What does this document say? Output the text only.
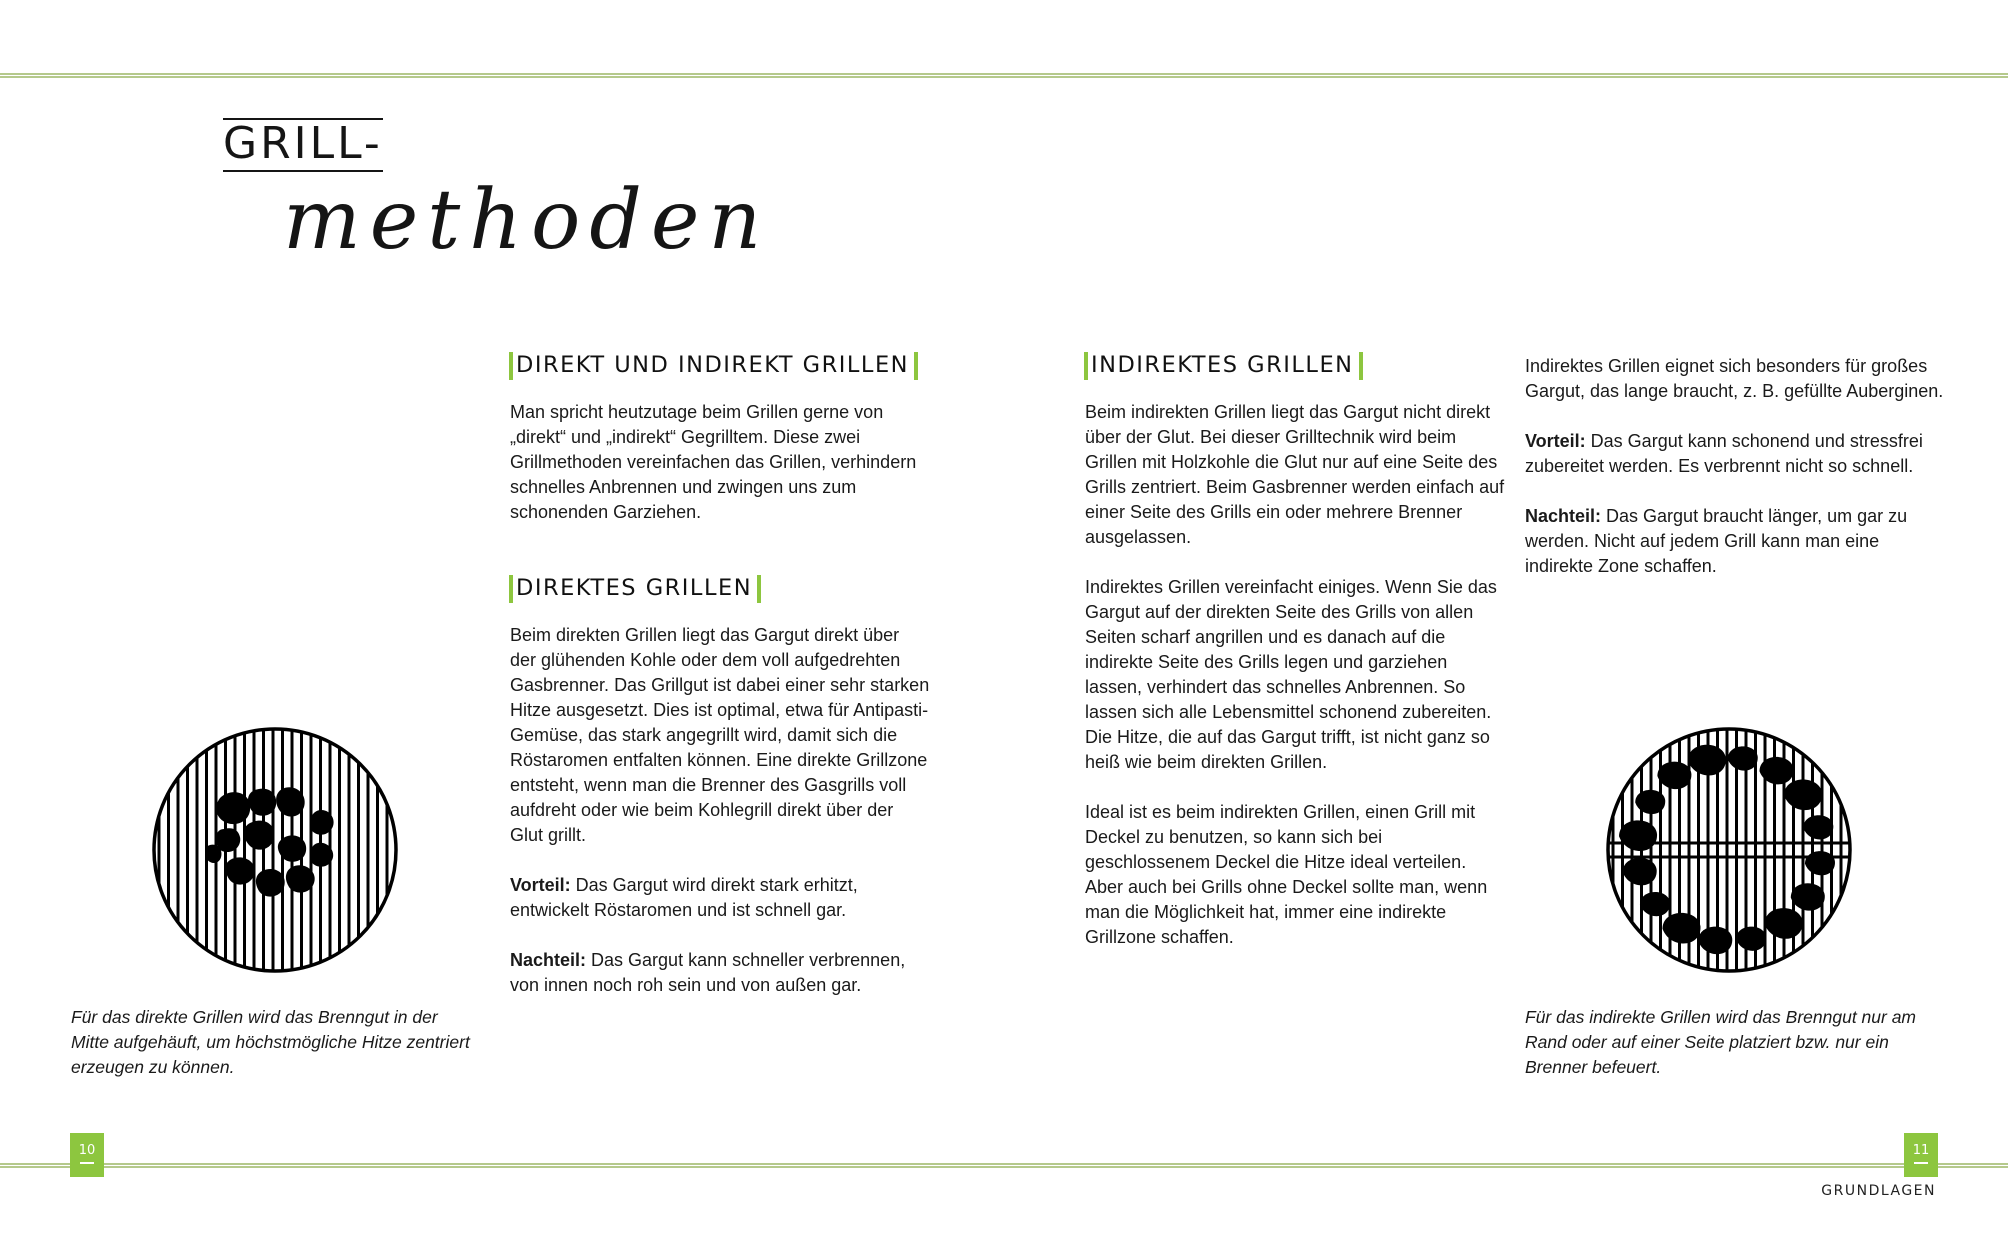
GRILL-
methoden
DIREKT UND INDIREKT GRILLEN

Man spricht heutzutage beim Grillen gerne von „direkt“ und „indirekt“ Gegrilltem. Diese zwei Grillmethoden vereinfachen das Grillen, verhindern schnelles Anbrennen und zwingen uns zum schonenden Garziehen.

DIREKTES GRILLEN

Beim direkten Grillen liegt das Gargut direkt über der glühenden Kohle oder dem voll aufgedrehten Gasbrenner. Das Grillgut ist dabei einer sehr starken Hitze ausgesetzt. Dies ist optimal, etwa für Antipasti-Gemüse, das stark angegrillt wird, damit sich die Röstaromen entfalten können. Eine direkte Grillzone entsteht, wenn man die Brenner des Gasgrills voll aufdreht oder wie beim Kohlegrill direkt über der Glut grillt.

Vorteil: Das Gargut wird direkt stark erhitzt, entwickelt Röstaromen und ist schnell gar.

Nachteil: Das Gargut kann schneller verbrennen, von innen noch roh sein und von außen gar.

INDIREKTES GRILLEN

Beim indirekten Grillen liegt das Gargut nicht direkt über der Glut. Bei dieser Grilltechnik wird beim Grillen mit Holzkohle die Glut nur auf eine Seite des Grills zentriert. Beim Gasbrenner werden einfach auf einer Seite des Grills ein oder mehrere Brenner ausgelassen.

Indirektes Grillen vereinfacht einiges. Wenn Sie das Gargut auf der direkten Seite des Grills von allen Seiten scharf angrillen und es danach auf die indirekte Seite des Grills legen und garziehen lassen, verhindert das schnelles Anbrennen. So lassen sich alle Lebensmittel schonend zubereiten. Die Hitze, die auf das Gargut trifft, ist nicht ganz so heiß wie beim direkten Grillen.

Ideal ist es beim indirekten Grillen, einen Grill mit Deckel zu benutzen, so kann sich bei geschlossenem Deckel die Hitze ideal verteilen. Aber auch bei Grills ohne Deckel sollte man, wenn man die Möglichkeit hat, immer eine indirekte Grillzone schaffen.

Indirektes Grillen eignet sich besonders für großes Gargut, das lange braucht, z. B. gefüllte Auberginen.

Vorteil: Das Gargut kann schonend und stressfrei zubereitet werden. Es verbrennt nicht so schnell.

Nachteil: Das Gargut braucht länger, um gar zu werden. Nicht auf jedem Grill kann man eine indirekte Zone schaffen.

Für das direkte Grillen wird das Brenngut in der Mitte aufgehäuft, um höchstmögliche Hitze zentriert erzeugen zu können.

Für das indirekte Grillen wird das Brenngut nur am Rand oder auf einer Seite platziert bzw. nur ein Brenner befeuert.

10	11
GRUNDLAGEN
